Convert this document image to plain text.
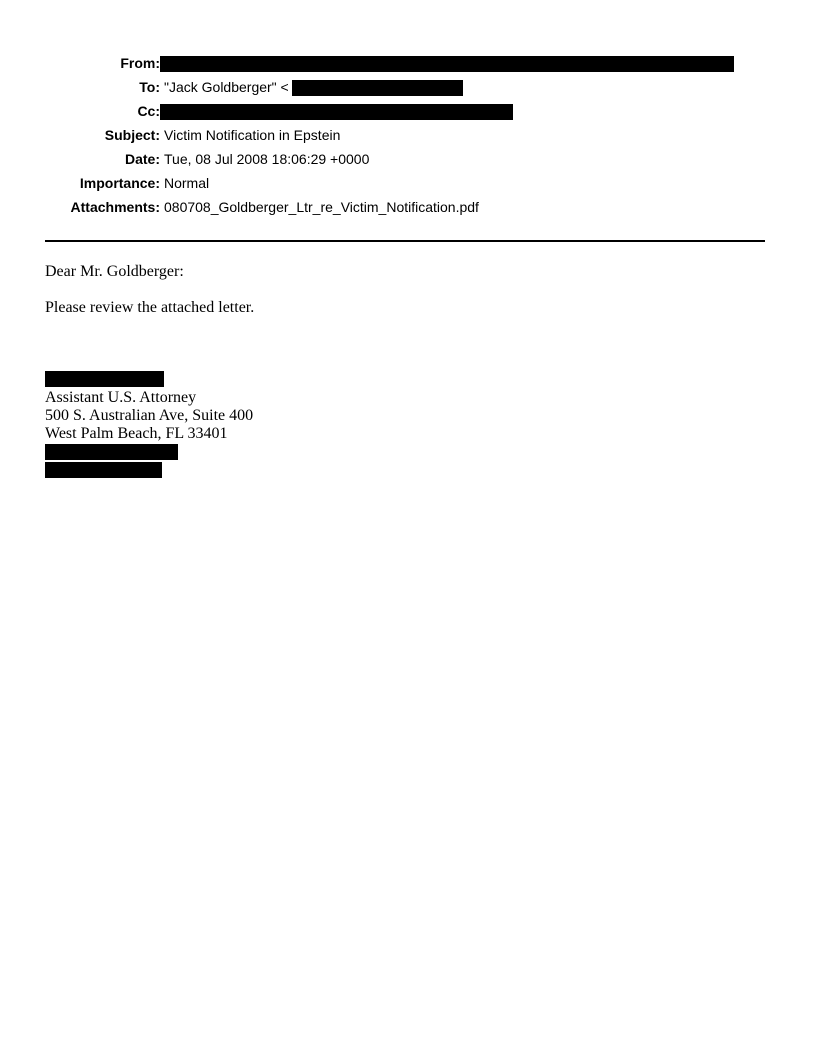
From:
To: "Jack Goldberger" <
Cc:
Subject: Victim Notification in Epstein
Date: Tue, 08 Jul 2008 18:06:29 +0000
Importance: Normal
Attachments: 080708_Goldberger_Ltr_re_Victim_Notification.pdf
Dear Mr. Goldberger:
Please review the attached letter.
Assistant U.S. Attorney
500 S. Australian Ave, Suite 400
West Palm Beach, FL 33401
